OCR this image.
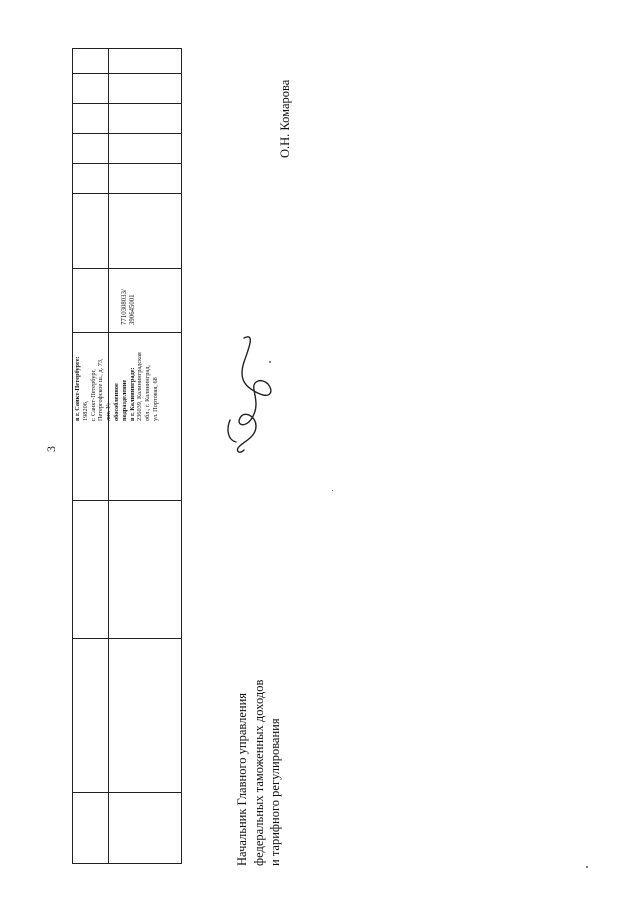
3
в г. Санкт-Петербурге: 198206, г. Санкт-Петербург, Петергофское ш., д. 73, лит. У; обособленное подразделение в г. Калининграде: 236039, Калининградская обл., г. Калининград, ул. Портовая, 68
7710308033/ 390645001
Начальник Главного управления федеральных таможенных доходов и тарифного регулирования
О.Н. Комарова
